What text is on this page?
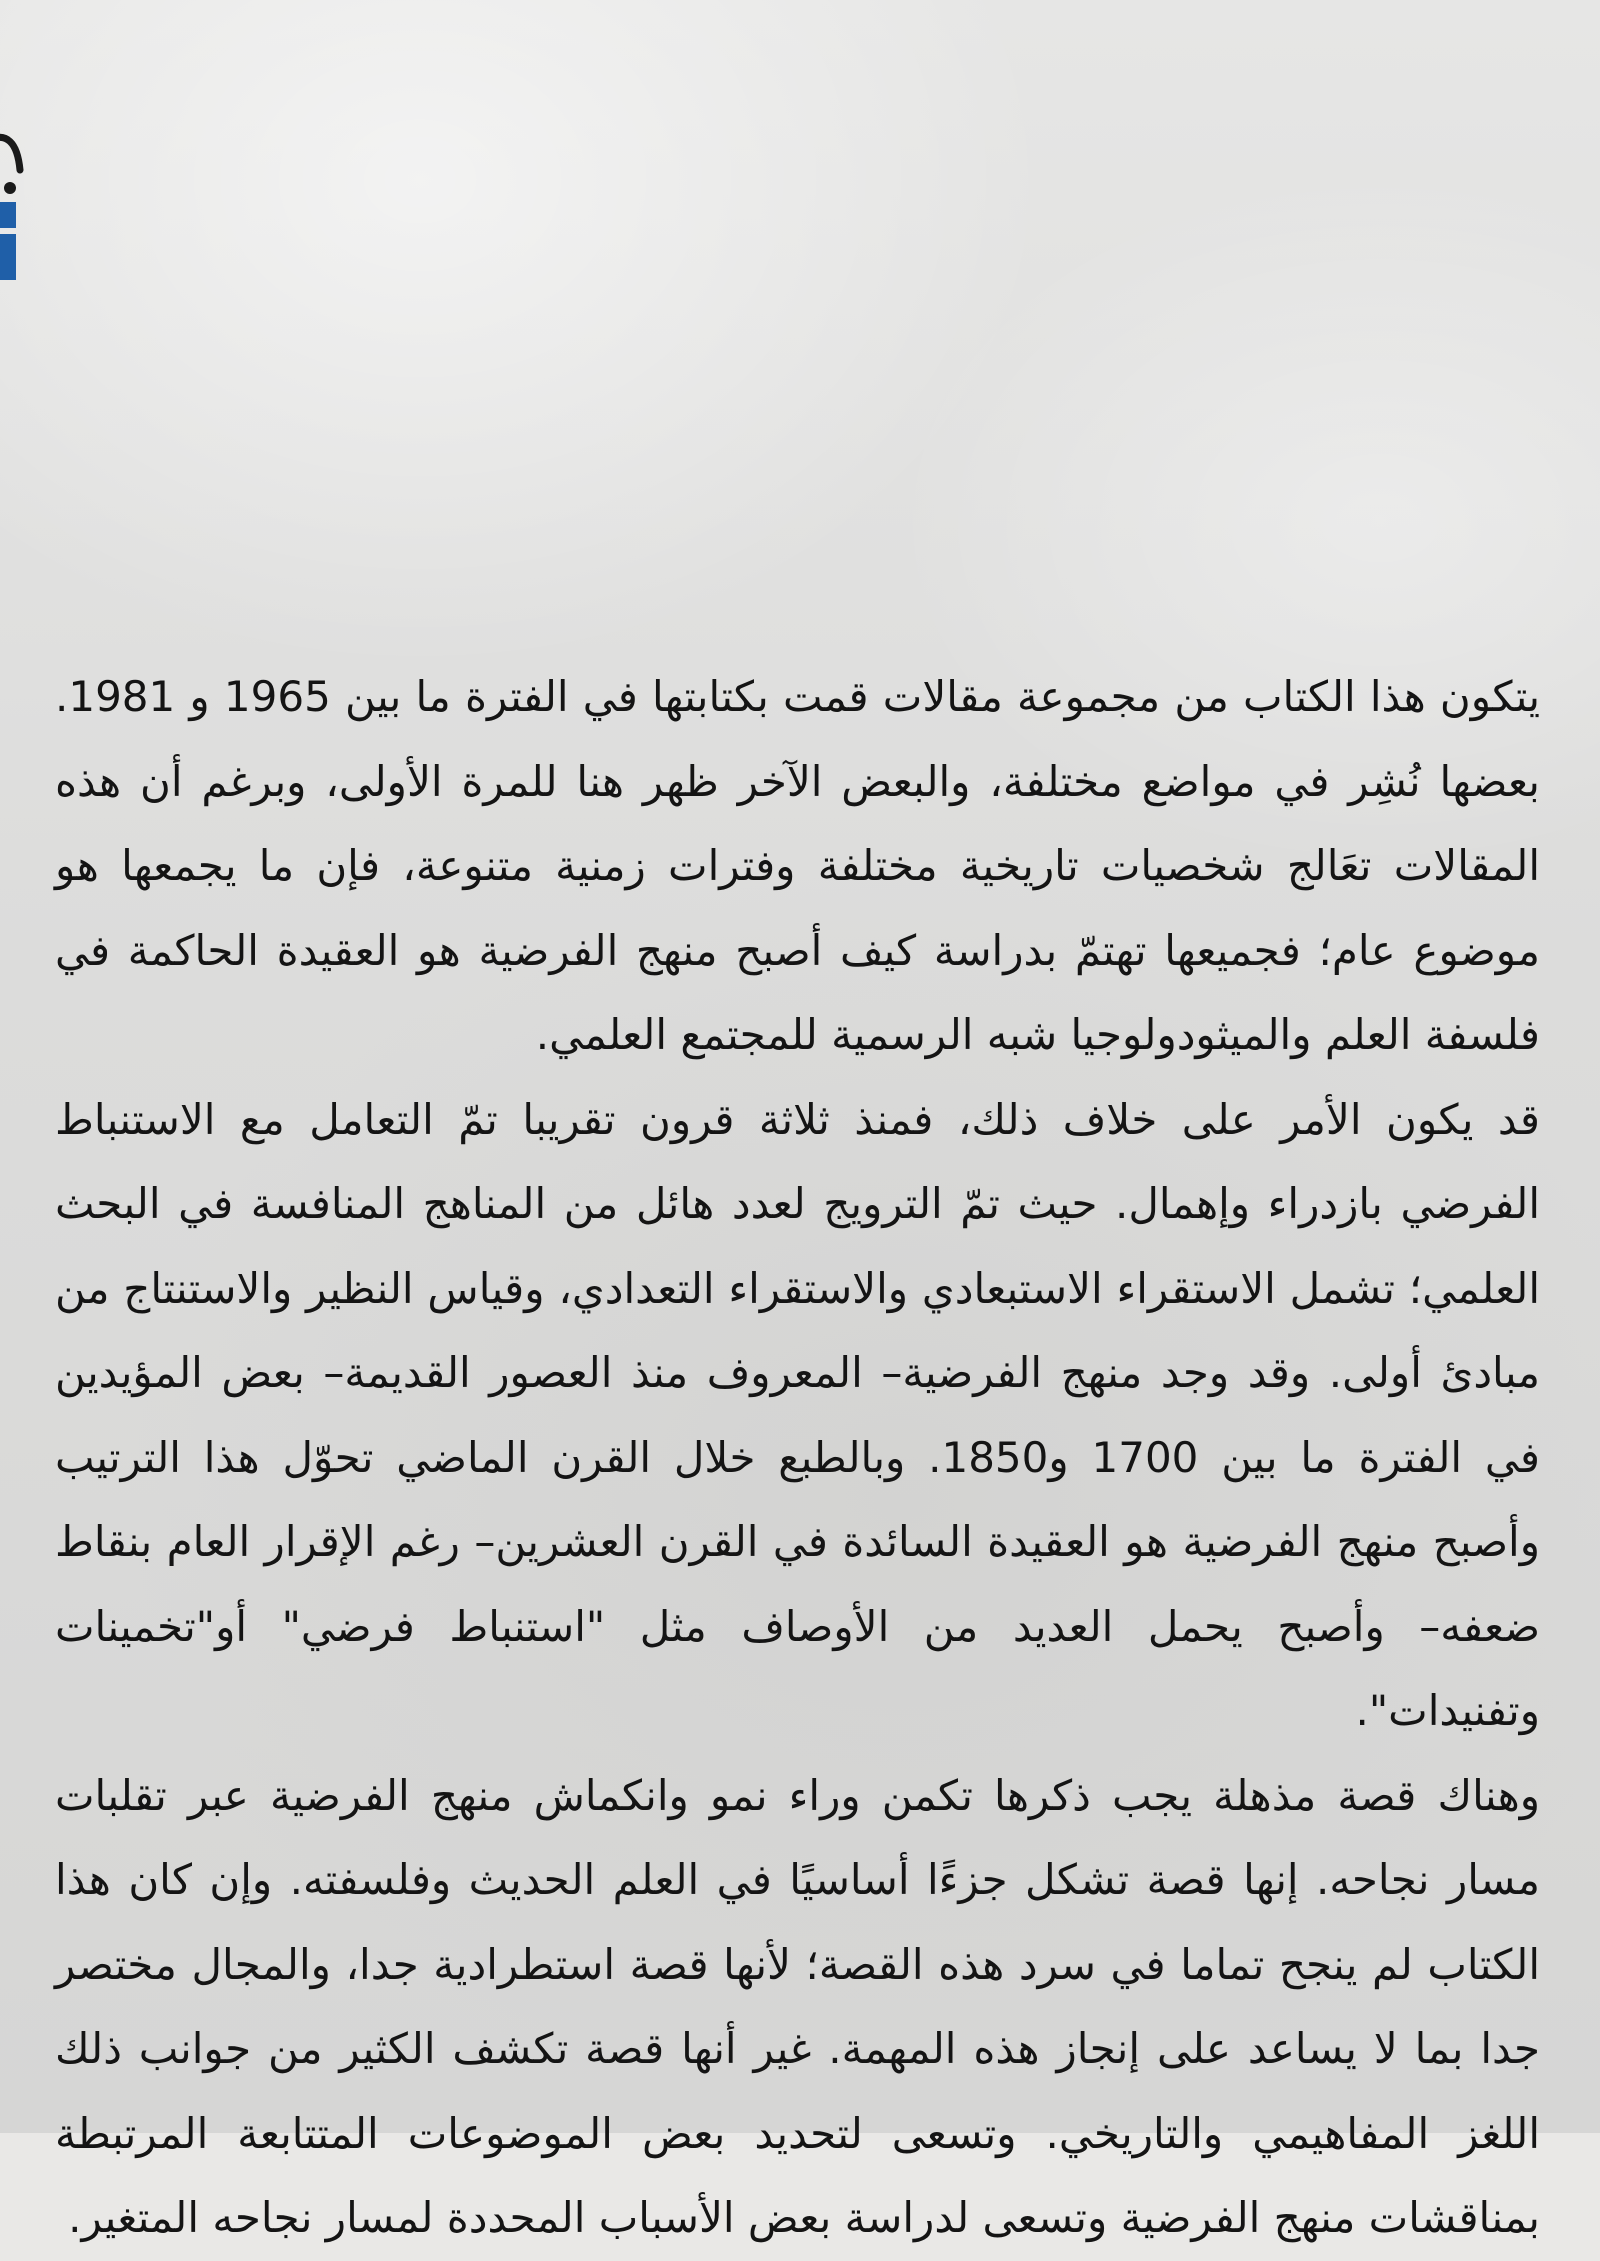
يتكون هذا الكتاب من مجموعة مقالات قمت بكتابتها في الفترة ما بين 1965 و 1981. بعضها نُشِر في مواضع مختلفة، والبعض الآخر ظهر هنا للمرة الأولى، وبرغم أن هذه المقالات تعَالج شخصيات تاريخية مختلفة وفترات زمنية متنوعة، فإن ما يجمعها هو موضوع عام؛ فجميعها تهتمّ بدراسة كيف أصبح منهج الفرضية هو العقيدة الحاكمة في فلسفة العلم والميثودولوجيا شبه الرسمية للمجتمع العلمي.

قد يكون الأمر على خلاف ذلك، فمنذ ثلاثة قرون تقريبا تمّ التعامل مع الاستنباط الفرضي بازدراء وإهمال. حيث تمّ الترويج لعدد هائل من المناهج المنافسة في البحث العلمي؛ تشمل الاستقراء الاستبعادي والاستقراء التعدادي، وقياس النظير والاستنتاج من مبادئ أولى. وقد وجد منهج الفرضية– المعروف منذ العصور القديمة– بعض المؤيدين في الفترة ما بين 1700 و1850. وبالطبع خلال القرن الماضي تحوّل هذا الترتيب وأصبح منهج الفرضية هو العقيدة السائدة في القرن العشرين– رغم الإقرار العام بنقاط ضعفه– وأصبح يحمل العديد من الأوصاف مثل "استنباط فرضي" أو"تخمينات وتفنيدات".

وهناك قصة مذهلة يجب ذكرها تكمن وراء نمو وانكماش منهج الفرضية عبر تقلبات مسار نجاحه. إنها قصة تشكل جزءًا أساسيًا في العلم الحديث وفلسفته. وإن كان هذا الكتاب لم ينجح تماما في سرد هذه القصة؛ لأنها قصة استطرادية جدا، والمجال مختصر جدا بما لا يساعد على إنجاز هذه المهمة. غير أنها قصة تكشف الكثير من جوانب ذلك اللغز المفاهيمي والتاريخي. وتسعى لتحديد بعض الموضوعات المتتابعة المرتبطة بمناقشات منهج الفرضية وتسعى لدراسة بعض الأسباب المحددة لمسار نجاحه المتغير.
